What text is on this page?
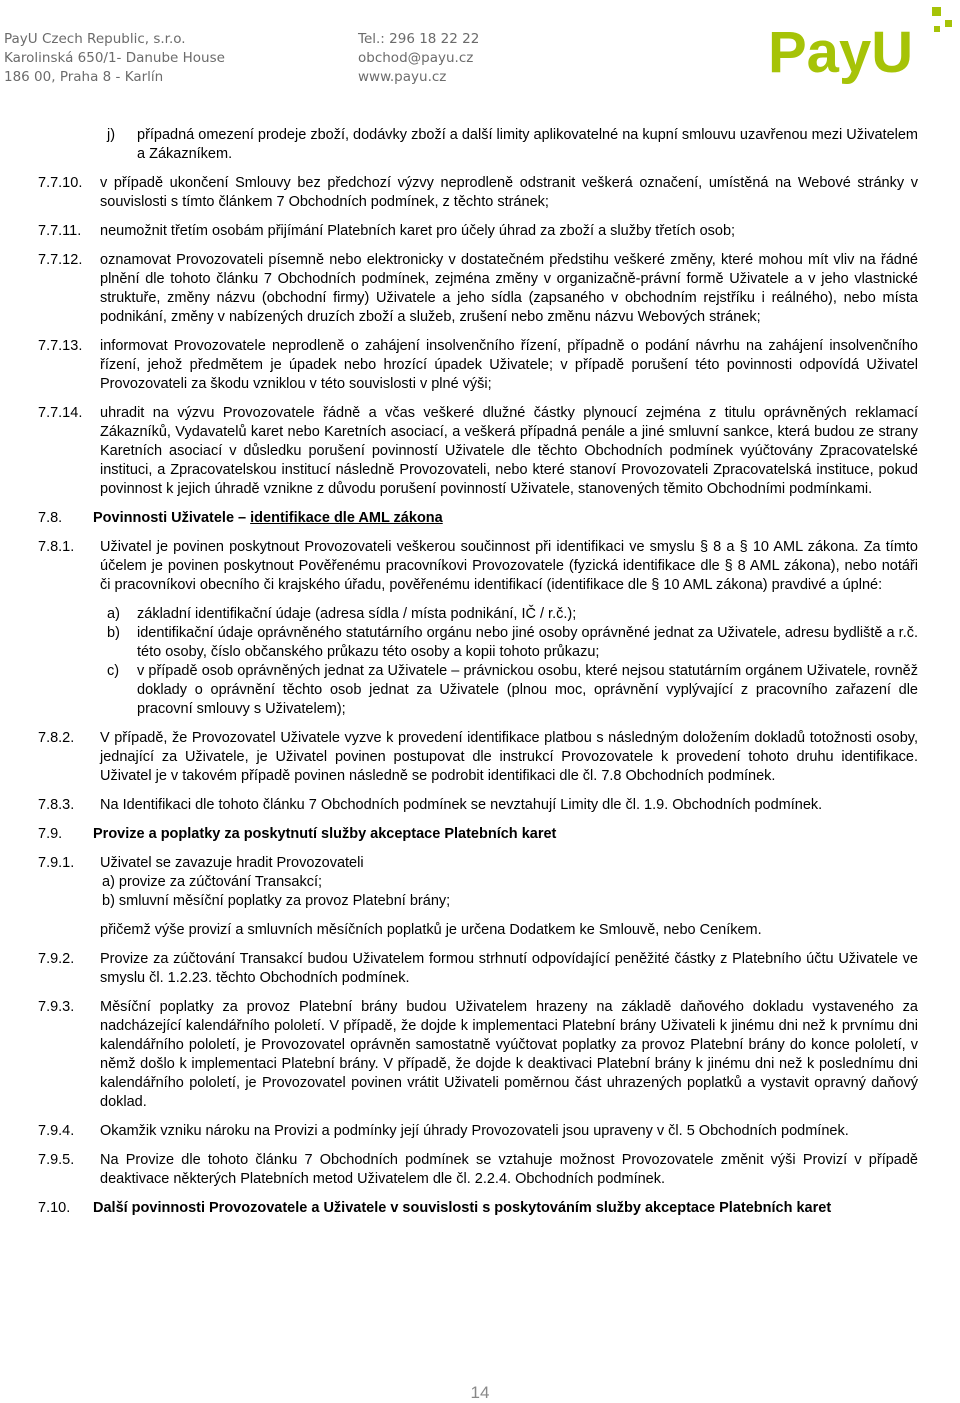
PayU Czech Republic, s.r.o.
Karolinská 650/1- Danube House
186 00, Praha 8 - Karlín
Tel.: 296 18 22 22
obchod@payu.cz
www.payu.cz	PayU
j) případná omezení prodeje zboží, dodávky zboží a další limity aplikovatelné na kupní smlouvu uzavřenou mezi Uživatelem a Zákazníkem.
7.7.10. v případě ukončení Smlouvy bez předchozí výzvy neprodleně odstranit veškerá označení, umístěná na Webové stránky v souvislosti s tímto článkem 7 Obchodních podmínek, z těchto stránek;
7.7.11. neumožnit třetím osobám přijímání Platebních karet pro účely úhrad za zboží a služby třetích osob;
7.7.12. oznamovat Provozovateli písemně nebo elektronicky v dostatečném předstihu veškeré změny, které mohou mít vliv na řádné plnění dle tohoto článku 7 Obchodních podmínek, zejména změny v organizačně-právní formě Uživatele a v jeho vlastnické struktuře, změny názvu (obchodní firmy) Uživatele a jeho sídla (zapsaného v obchodním rejstříku i reálného), nebo místa podnikání, změny v nabízených druzích zboží a služeb, zrušení nebo změnu názvu Webových stránek;
7.7.13. informovat Provozovatele neprodleně o zahájení insolvenčního řízení, případně o podání návrhu na zahájení insolvenčního řízení, jehož předmětem je úpadek nebo hrozící úpadek Uživatele; v případě porušení této povinnosti odpovídá Uživatel Provozovateli za škodu vzniklou v této souvislosti v plné výši;
7.7.14. uhradit na výzvu Provozovatele řádně a včas veškeré dlužné částky plynoucí zejména z titulu oprávněných reklamací Zákazníků, Vydavatelů karet nebo Karetních asociací, a veškerá případná penále a jiné smluvní sankce, která budou ze strany Karetních asociací v důsledku porušení povinností Uživatele dle těchto Obchodních podmínek vyúčtovány Zpracovatelské instituci, a Zpracovatelskou institucí následně Provozovateli, nebo které stanoví Provozovateli Zpracovatelská instituce, pokud povinnost k jejich úhradě vznikne z důvodu porušení povinností Uživatele, stanovených těmito Obchodními podmínkami.
7.8. Povinnosti Uživatele – identifikace dle AML zákona
7.8.1. Uživatel je povinen poskytnout Provozovateli veškerou součinnost při identifikaci ve smyslu § 8 a § 10 AML zákona. Za tímto účelem je povinen poskytnout Pověřenému pracovníkovi Provozovatele (fyzická identifikace dle § 8 AML zákona), nebo notáři či pracovníkovi obecního či krajského úřadu, pověřenému identifikací (identifikace dle § 10 AML zákona) pravdivé a úplné:
a) základní identifikační údaje (adresa sídla / místa podnikání, IČ / r.č.);
b) identifikační údaje oprávněného statutárního orgánu nebo jiné osoby oprávněné jednat za Uživatele, adresu bydliště a r.č. této osoby, číslo občanského průkazu této osoby a kopii tohoto průkazu;
c) v případě osob oprávněných jednat za Uživatele – právnickou osobu, které nejsou statutárním orgánem Uživatele, rovněž doklady o oprávnění těchto osob jednat za Uživatele (plnou moc, oprávnění vyplývající z pracovního zařazení dle pracovní smlouvy s Uživatelem);
7.8.2. V případě, že Provozovatel Uživatele vyzve k provedení identifikace platbou s následným doložením dokladů totožnosti osoby, jednající za Uživatele, je Uživatel povinen postupovat dle instrukcí Provozovatele k provedení tohoto druhu identifikace. Uživatel je v takovém případě povinen následně se podrobit identifikaci dle čl. 7.8 Obchodních podmínek.
7.8.3. Na Identifikaci dle tohoto článku 7 Obchodních podmínek se nevztahují Limity dle čl. 1.9. Obchodních podmínek.
7.9. Provize a poplatky za poskytnutí služby akceptace Platebních karet
7.9.1. Uživatel se zavazuje hradit Provozovateli
a) provize za zúčtování Transakcí;
b) smluvní měsíční poplatky za provoz Platební brány;
přičemž výše provizí a smluvních měsíčních poplatků je určena Dodatkem ke Smlouvě, nebo Ceníkem.
7.9.2. Provize za zúčtování Transakcí budou Uživatelem formou strhnutí odpovídající peněžité částky z Platebního účtu Uživatele ve smyslu čl. 1.2.23. těchto Obchodních podmínek.
7.9.3. Měsíční poplatky za provoz Platební brány budou Uživatelem hrazeny na základě daňového dokladu vystaveného za nadcházející kalendářního pololetí. V případě, že dojde k implementaci Platební brány Uživateli k jinému dni než k prvnímu dni kalendářního pololetí, je Provozovatel oprávněn samostatně vyúčtovat poplatky za provoz Platební brány do konce pololetí, v němž došlo k implementaci Platební brány. V případě, že dojde k deaktivaci Platební brány k jinému dni než k poslednímu dni kalendářního pololetí, je Provozovatel povinen vrátit Uživateli poměrnou část uhrazených poplatků a vystavit opravný daňový doklad.
7.9.4. Okamžik vzniku nároku na Provizi a podmínky její úhrady Provozovateli jsou upraveny v čl. 5 Obchodních podmínek.
7.9.5. Na Provize dle tohoto článku 7 Obchodních podmínek se vztahuje možnost Provozovatele změnit výši Provizí v případě deaktivace některých Platebních metod Uživatelem dle čl. 2.2.4. Obchodních podmínek.
7.10. Další povinnosti Provozovatele a Uživatele v souvislosti s poskytováním služby akceptace Platebních karet
14
